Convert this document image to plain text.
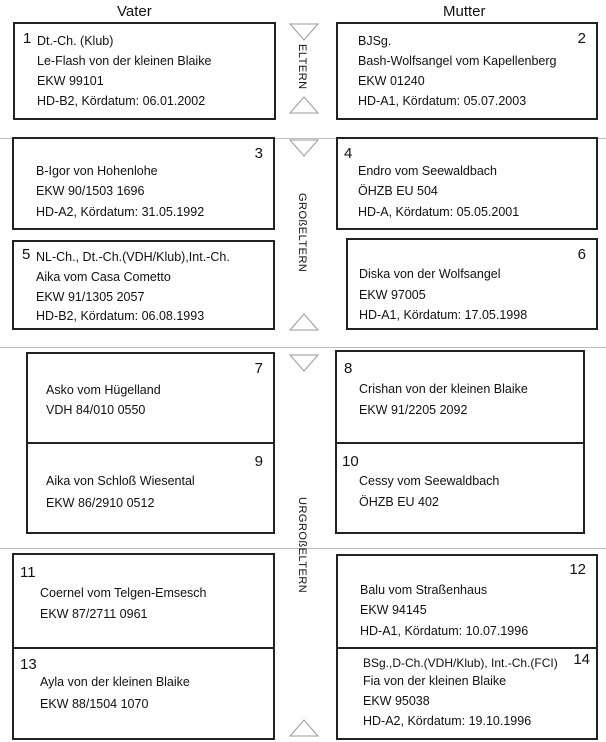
Vater	Mutter
ELTERN
GROßELTERN
URGROßELTERN
1 Dt.-Ch. (Klub)
Le-Flash von der kleinen Blaike
EKW 99101
HD-B2, Kördatum: 06.01.2002
2
BJSg.
Bash-Wolfsangel vom Kapellenberg
EKW 01240
HD-A1, Kördatum: 05.07.2003
3
B-Igor von Hohenlohe
EKW 90/1503 1696
HD-A2, Kördatum: 31.05.1992
4
Endro vom Seewaldbach
ÖHZB EU 504
HD-A, Kördatum: 05.05.2001
5 NL-Ch., Dt.-Ch.(VDH/Klub),Int.-Ch.
Aika vom Casa Cometto
EKW 91/1305 2057
HD-B2, Kördatum: 06.08.1993
6
Diska von der Wolfsangel
EKW 97005
HD-A1, Kördatum: 17.05.1998
7
Asko vom Hügelland
VDH 84/010 0550
9
Aika von Schloß Wiesental
EKW 86/2910 0512
8
Crishan von der kleinen Blaike
EKW 91/2205 2092
10
Cessy vom Seewaldbach
ÖHZB EU 402
11
Coernel vom Telgen-Emsesch
EKW 87/2711 0961
13
Ayla von der kleinen Blaike
EKW 88/1504 1070
12
Balu vom Straßenhaus
EKW 94145
HD-A1, Kördatum: 10.07.1996
14
BSg.,D-Ch.(VDH/Klub), Int.-Ch.(FCI)
Fia von der kleinen Blaike
EKW 95038
HD-A2, Kördatum: 19.10.1996
